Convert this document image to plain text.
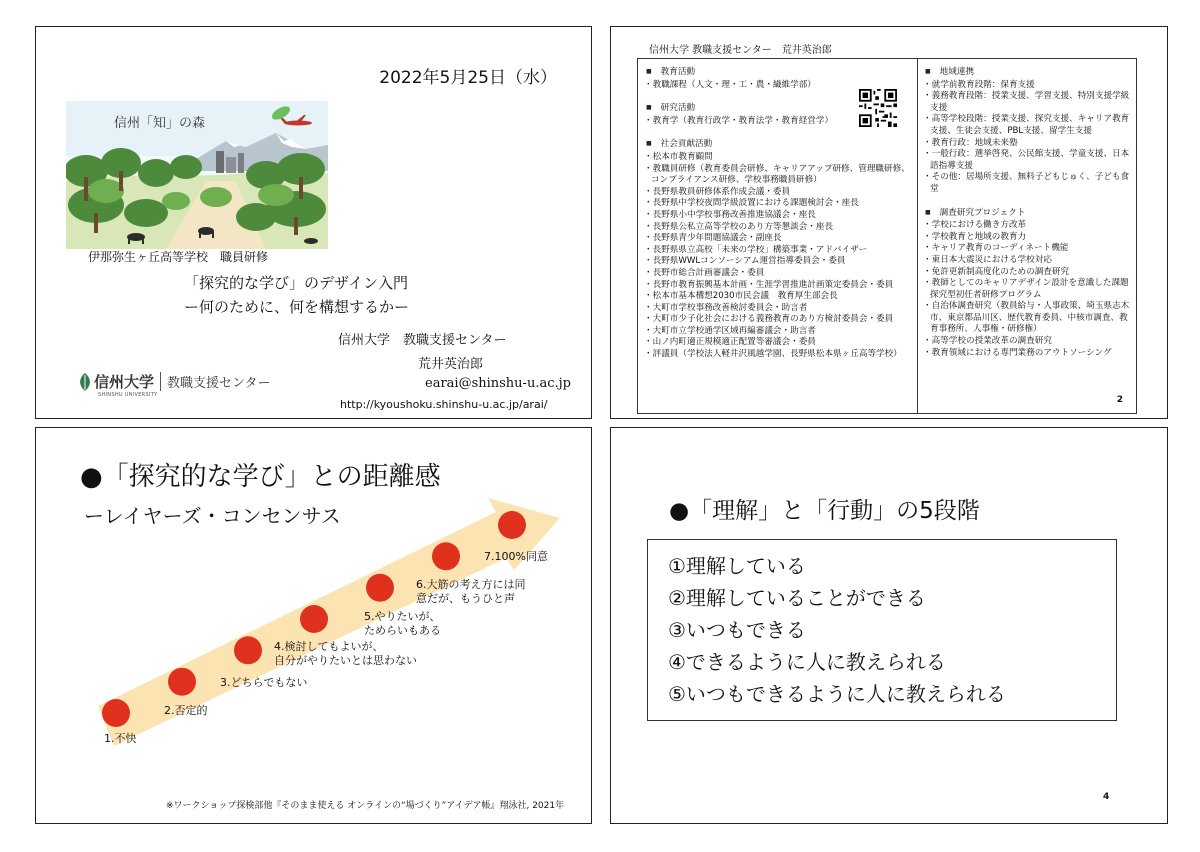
2022年5月25日（水）
信州「知」の森
伊那弥生ヶ丘高等学校　職員研修
「探究的な学び」のデザイン入門
ー何のために、何を構想するかー
信州大学　教職支援センター
荒井英治郎
earai@shinshu-u.ac.jp
http://kyoushoku.shinshu-u.ac.jp/arai/
信州大学	教職支援センター
SHINSHU UNIVERSITY
信州大学 教職支援センター　荒井英治郎
■ 教育活動
・教職課程（人文・理・工・農・繊維学部）
■ 研究活動
・教育学（教育行政学・教育法学・教育経営学）
■ 社会貢献活動
・松本市教育顧問
・教職員研修（教育委員会研修、キャリアアップ研修、管理職研修、コンプライアンス研修、学校事務職員研修）
・長野県教員研修体系作成会議・委員
・長野県中学校夜間学級設置における課題検討会・座長
・長野県小中学校事務改善推進協議会・座長
・長野県公私立高等学校のあり方等懇談会・座長
・長野県青少年問題協議会・副座長
・長野県県立高校「未来の学校」構築事業・アドバイザー
・長野県WWLコンソーシアム運営指導委員会・委員
・長野市総合計画審議会・委員
・長野市教育振興基本計画・生涯学習推進計画策定委員会・委員
・松本市基本構想2030市民会議　教育厚生部会長
・大町市学校事務改善検討委員会・助言者
・大町市少子化社会における義務教育のあり方検討委員会・委員
・大町市立学校通学区域再編審議会・助言者
・山ノ内町適正規模適正配置等審議会・委員
・評議員（学校法人軽井沢風越学園、長野県松本県ヶ丘高等学校）
■ 地域連携
・就学前教育段階：保育支援
・義務教育段階：授業支援、学習支援、特別支援学級支援
・高等学校段階：授業支援、探究支援、キャリア教育支援、生徒会支援、PBL支援、留学生支援
・教育行政：地域未来塾
・一般行政：選挙啓発、公民館支援、学童支援、日本語指導支援
・その他：居場所支援、無料子どもじゅく、子ども食堂
■ 調査研究プロジェクト
・学校における働き方改革
・学校教育と地域の教育力
・キャリア教育のコーディネート機能
・東日本大震災における学校対応
・免許更新制高度化のための調査研究
・教師としてのキャリアデザイン設計を意識した課題探究型初任者研修プログラム
・自治体調査研究（教員給与・人事政策、埼玉県志木市、東京都品川区、歴代教育委員、中核市調査、教育事務所、人事権・研修権）
・高等学校の授業改革の調査研究
・教育領域における専門業務のアウトソーシング
2
●「探究的な学び」との距離感
ーレイヤーズ・コンセンサス
1.不快
2.否定的
3.どちらでもない
4.検討してもよいが、
自分がやりたいとは思わない
5.やりたいが、
ためらいもある
6.大筋の考え方には同
意だが、もうひと声
7.100%同意
※ワークショップ探検部他『そのまま使える オンラインの“場づくり”アイデア帳』翔泳社, 2021年
●「理解」と「行動」の5段階
①理解している
②理解していることができる
③いつもできる
④できるように人に教えられる
⑤いつもできるように人に教えられる
4
